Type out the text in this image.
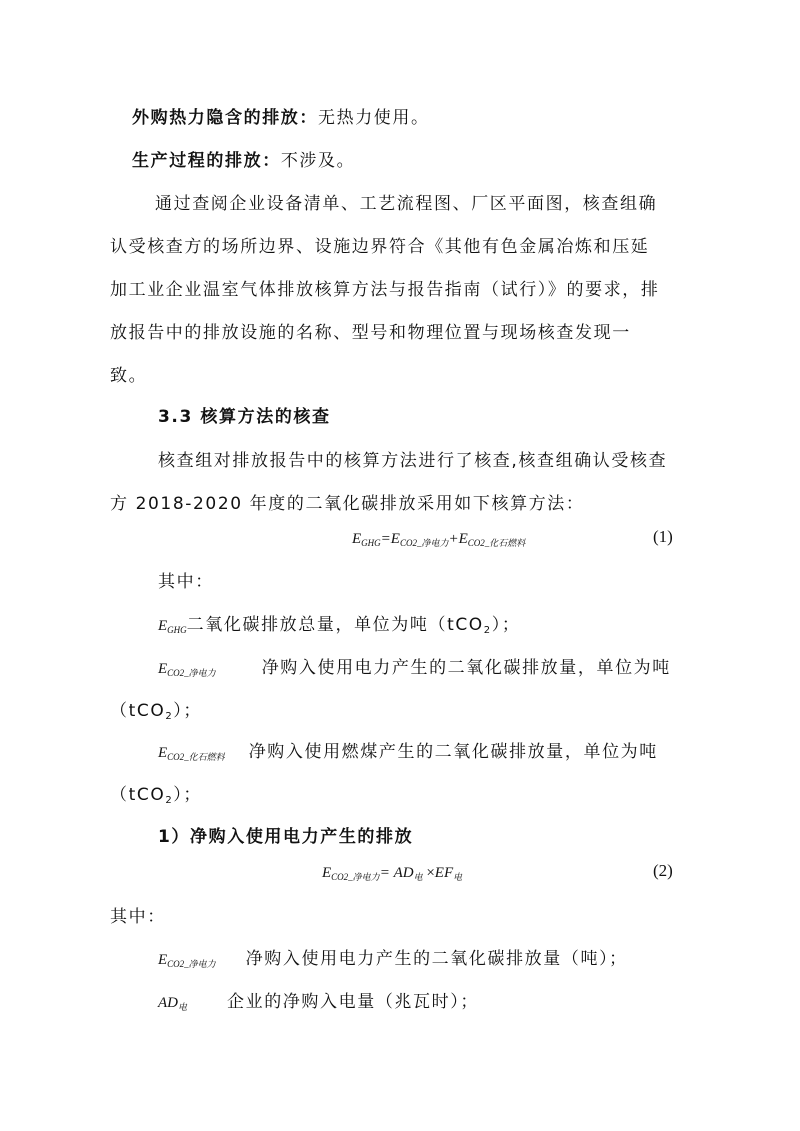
外购热力隐含的排放：无热力使用。
生产过程的排放：不涉及。
通过查阅企业设备清单、工艺流程图、厂区平面图，核查组确
认受核查方的场所边界、设施边界符合《其他有色金属冶炼和压延
加工业企业温室气体排放核算方法与报告指南（试行）》的要求，排
放报告中的排放设施的名称、型号和物理位置与现场核查发现一
致。
3.3 核算方法的核查
核查组对排放报告中的核算方法进行了核查,核查组确认受核查
方 2018-2020 年度的二氧化碳排放采用如下核算方法：
$E_{GHG}=E_{CO2\_净电力}+E_{CO2\_化石燃料}$	(1)
其中：
$E_{GHG}$二氧化碳排放总量，单位为吨（tCO$_2$）；
$E_{CO2\_净电力}$	净购入使用电力产生的二氧化碳排放量，单位为吨
（tCO$_2$）；
$E_{CO2\_化石燃料}$ 净购入使用燃煤产生的二氧化碳排放量，单位为吨
（tCO$_2$）；
1）净购入使用电力产生的排放
$E_{CO2\_净电力}= AD_电 \times EF_电$	(2)
其中：
$E_{CO2\_净电力}$ 净购入使用电力产生的二氧化碳排放量（吨）；
$AD_电$ 企业的净购入电量（兆瓦时）；
